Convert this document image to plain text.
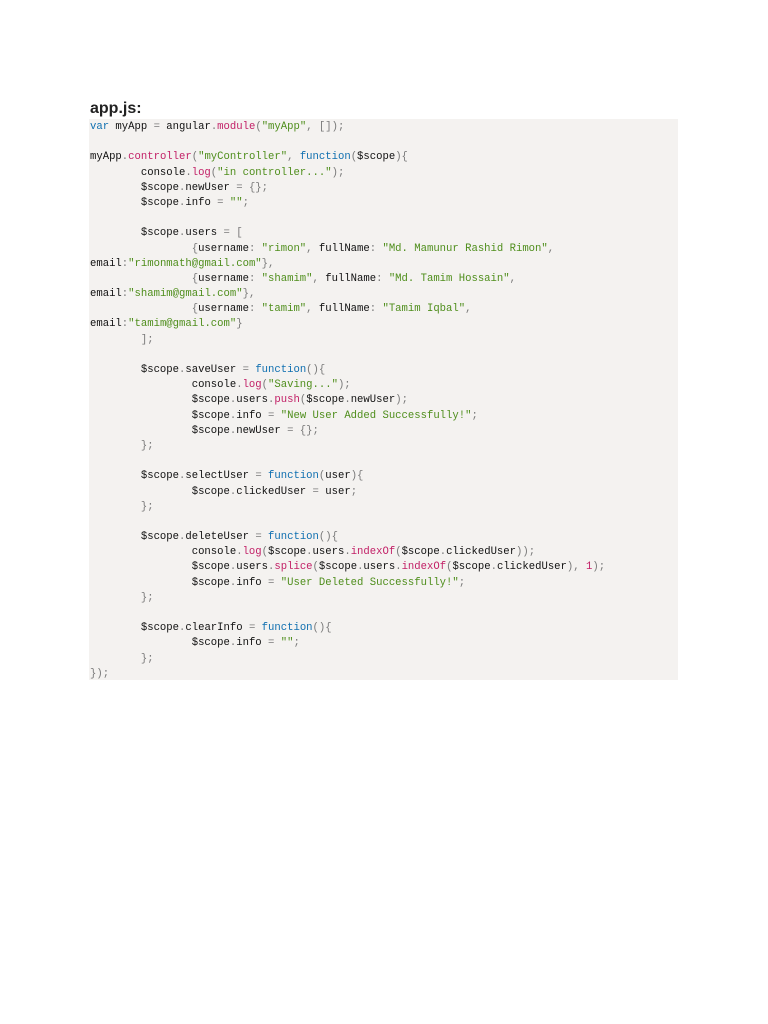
app.js:
var myApp = angular.module("myApp", []);
myApp.controller("myController", function($scope){
console.log("in controller...");
$scope.newUser = {};
$scope.info = "";
$scope.users = [
{username: "rimon", fullName: "Md. Mamunur Rashid Rimon",
email:"rimonmath@gmail.com"},
{username: "shamim", fullName: "Md. Tamim Hossain",
email:"shamim@gmail.com"},
{username: "tamim", fullName: "Tamim Iqbal",
email:"tamim@gmail.com"}
];
$scope.saveUser = function(){
console.log("Saving...");
$scope.users.push($scope.newUser);
$scope.info = "New User Added Successfully!";
$scope.newUser = {};
};
$scope.selectUser = function(user){
$scope.clickedUser = user;
};
$scope.deleteUser = function(){
console.log($scope.users.indexOf($scope.clickedUser));
$scope.users.splice($scope.users.indexOf($scope.clickedUser), 1);
$scope.info = "User Deleted Successfully!";
};
$scope.clearInfo = function(){
$scope.info = "";
};
});
